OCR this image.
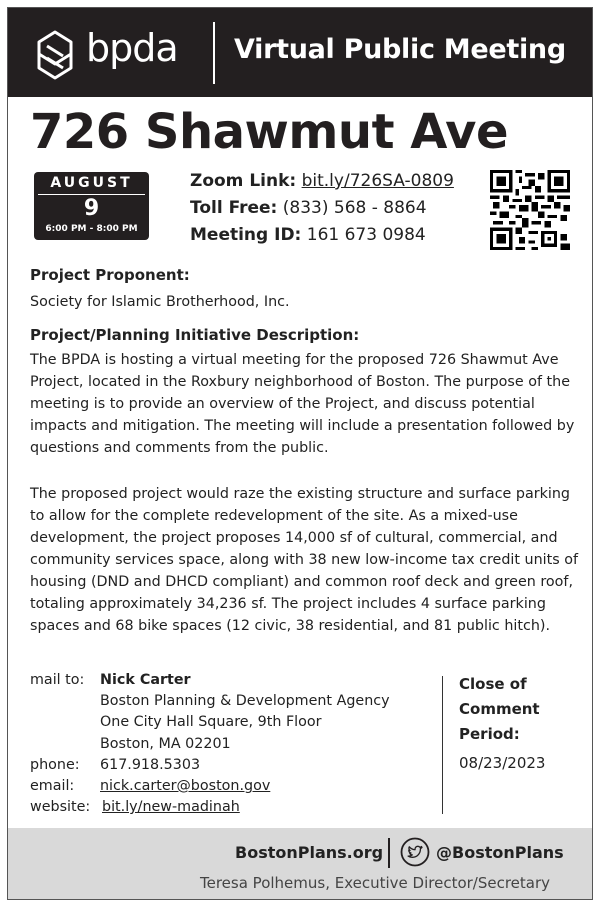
bpda Virtual Public Meeting
726 Shawmut Ave
AUGUST
9
6:00 PM - 8:00 PM
Zoom Link: bit.ly/726SA-0809
Toll Free: (833) 568 - 8864
Meeting ID: 161 673 0984
Project Proponent:
Society for Islamic Brotherhood, Inc.
Project/Planning Initiative Description:
The BPDA is hosting a virtual meeting for the proposed 726 Shawmut Ave Project, located in the Roxbury neighborhood of Boston. The purpose of the meeting is to provide an overview of the Project, and discuss potential impacts and mitigation. The meeting will include a presentation followed by questions and comments from the public.
The proposed project would raze the existing structure and surface parking to allow for the complete redevelopment of the site. As a mixed-use development, the project proposes 14,000 sf of cultural, commercial, and community services space, along with 38 new low-income tax credit units of housing (DND and DHCD compliant) and common roof deck and green roof, totaling approximately 34,236 sf. The project includes 4 surface parking spaces and 68 bike spaces (12 civic, 38 residential, and 81 public hitch).
mail to: Nick Carter
Boston Planning & Development Agency
One City Hall Square, 9th Floor
Boston, MA 02201
phone: 617.918.5303
email: nick.carter@boston.gov
website: bit.ly/new-madinah
Close of
Comment
Period:
08/23/2023
BostonPlans.org	@BostonPlans
Teresa Polhemus, Executive Director/Secretary
